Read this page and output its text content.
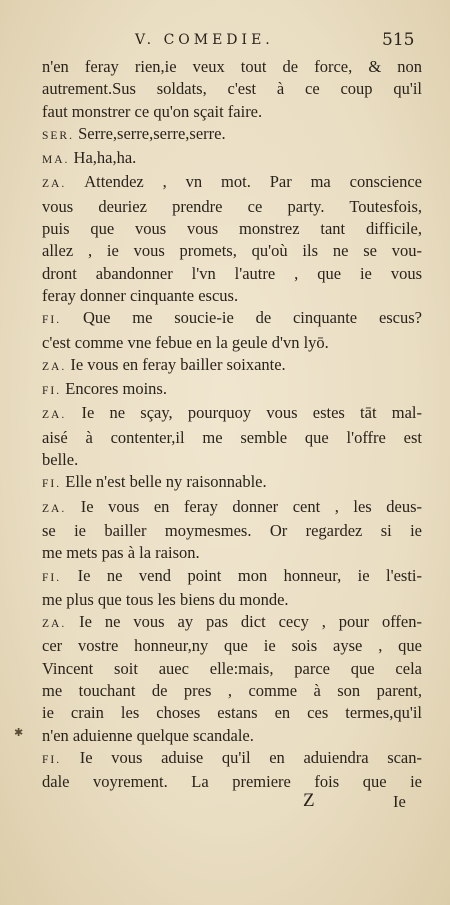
V. COMEDIE.	515
n'en feray rien,ie veux tout de force, & non
autrement.Sus soldats, c'est à ce coup qu'il
faut monstrer ce qu'on sçait faire.
SER. Serre,serre,serre,serre.
MA. Ha,ha,ha.
ZA. Attendez , vn mot. Par ma conscience
vous deuriez prendre ce party. Toutesfois,
puis que vous vous monstrez tant difficile,
allez , ie vous promets, qu'où ils ne se vou-
dront abandonner l'vn l'autre , que ie vous
feray donner cinquante escus.
FI. Que me soucie-ie de cinquante escus?
c'est comme vne febue en la geule d'vn lyō.
ZA. Ie vous en feray bailler soixante.
FI. Encores moins.
ZA. Ie ne sçay, pourquoy vous estes tāt mal-
aisé à contenter,il me semble que l'offre est
belle.
FI. Elle n'est belle ny raisonnable.
ZA. Ie vous en feray donner cent , les deus-
se ie bailler moymesmes. Or regardez si ie
me mets pas à la raison.
FI. Ie ne vend point mon honneur, ie l'esti-
me plus que tous les biens du monde.
ZA. Ie ne vous ay pas dict cecy , pour offen-
cer vostre honneur,ny que ie sois ayse , que
Vincent soit auec elle:mais, parce que cela
me touchant de pres , comme à son parent,
ie crain les choses estans en ces termes,qu'il
n'en aduienne quelque scandale.
FI. Ie vous aduise qu'il en aduiendra scan-
dale voyrement. La premiere fois que ie
✱
Z	Ie
